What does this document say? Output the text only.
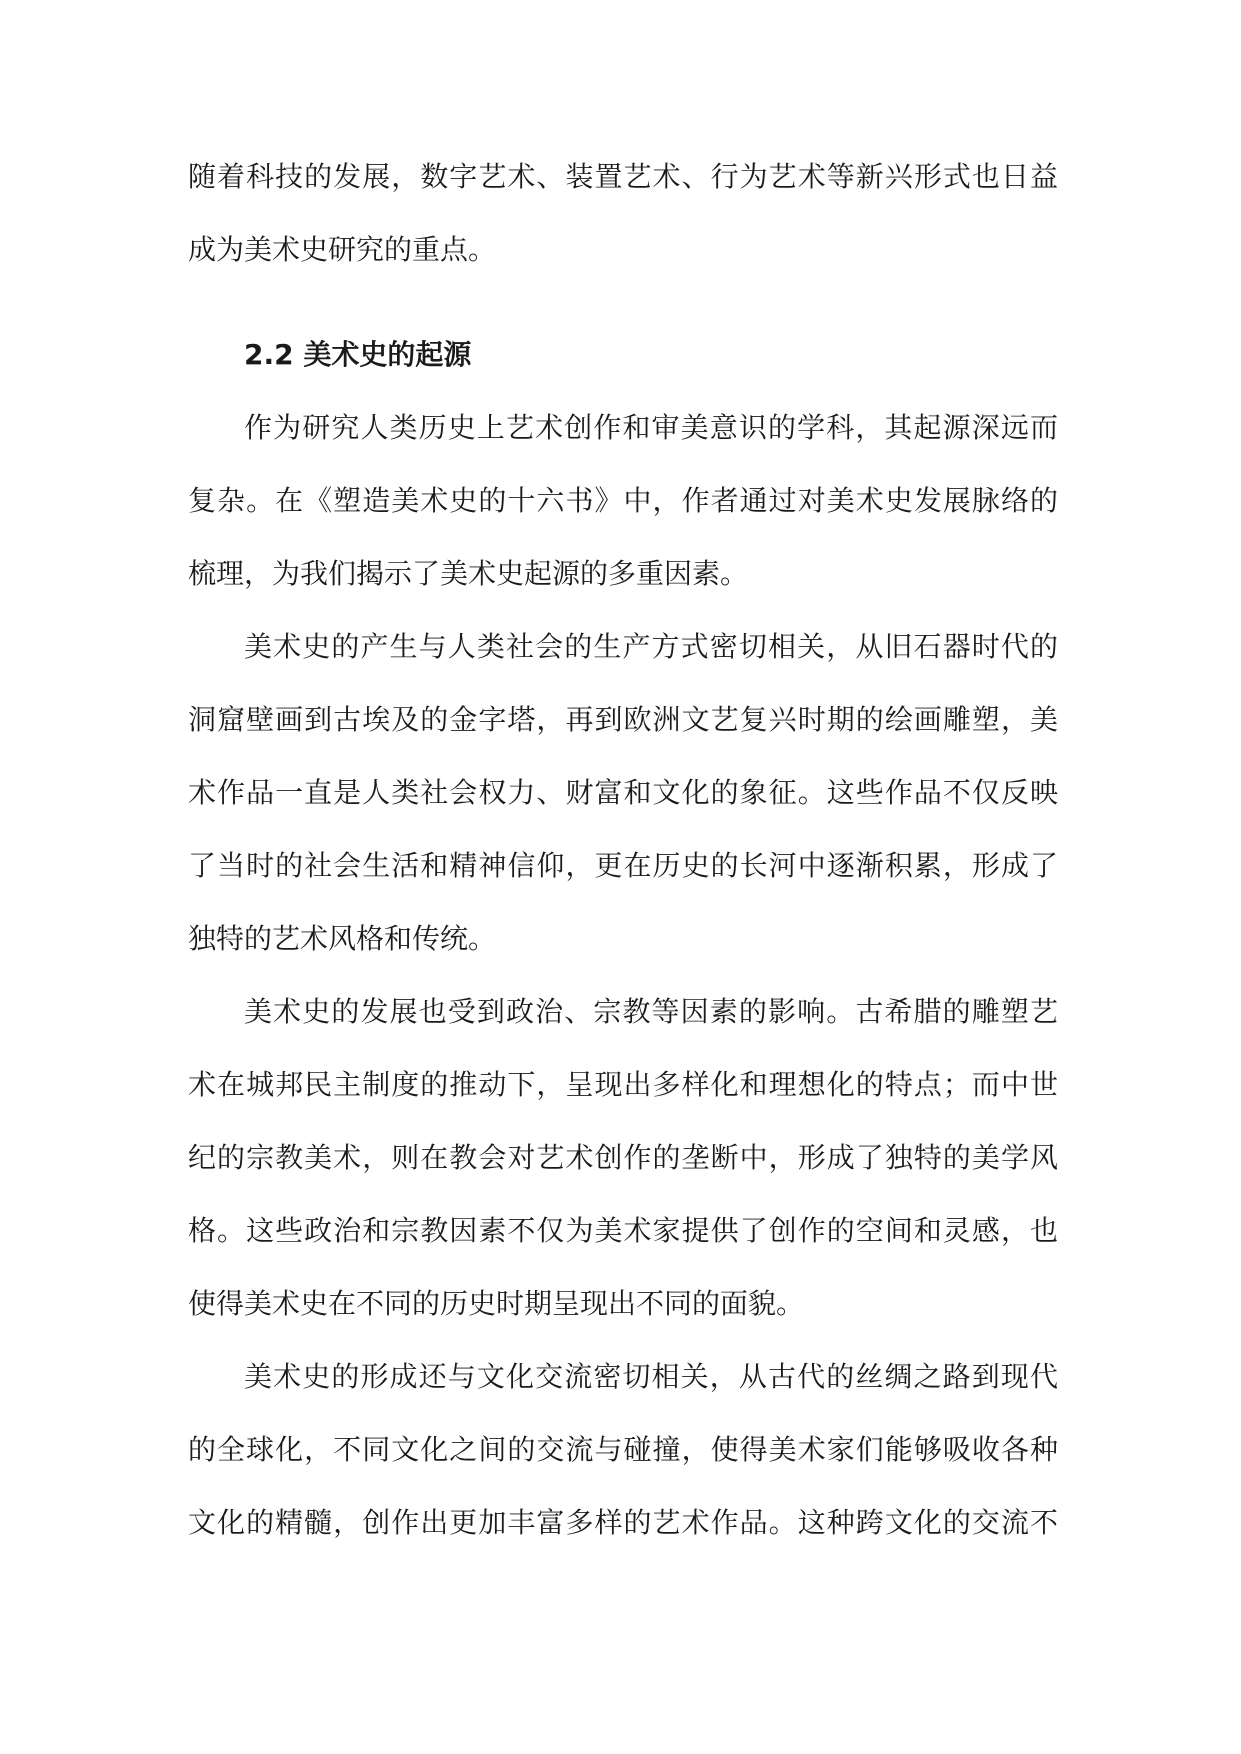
随着科技的发展，数字艺术、装置艺术、行为艺术等新兴形式也日益
成为美术史研究的重点。
2.2 美术史的起源
作为研究人类历史上艺术创作和审美意识的学科，其起源深远而
复杂。在《塑造美术史的十六书》中，作者通过对美术史发展脉络的
梳理，为我们揭示了美术史起源的多重因素。
美术史的产生与人类社会的生产方式密切相关，从旧石器时代的
洞窟壁画到古埃及的金字塔，再到欧洲文艺复兴时期的绘画雕塑，美
术作品一直是人类社会权力、财富和文化的象征。这些作品不仅反映
了当时的社会生活和精神信仰，更在历史的长河中逐渐积累，形成了
独特的艺术风格和传统。
美术史的发展也受到政治、宗教等因素的影响。古希腊的雕塑艺
术在城邦民主制度的推动下，呈现出多样化和理想化的特点；而中世
纪的宗教美术，则在教会对艺术创作的垄断中，形成了独特的美学风
格。这些政治和宗教因素不仅为美术家提供了创作的空间和灵感，也
使得美术史在不同的历史时期呈现出不同的面貌。
美术史的形成还与文化交流密切相关，从古代的丝绸之路到现代
的全球化，不同文化之间的交流与碰撞，使得美术家们能够吸收各种
文化的精髓，创作出更加丰富多样的艺术作品。这种跨文化的交流不
